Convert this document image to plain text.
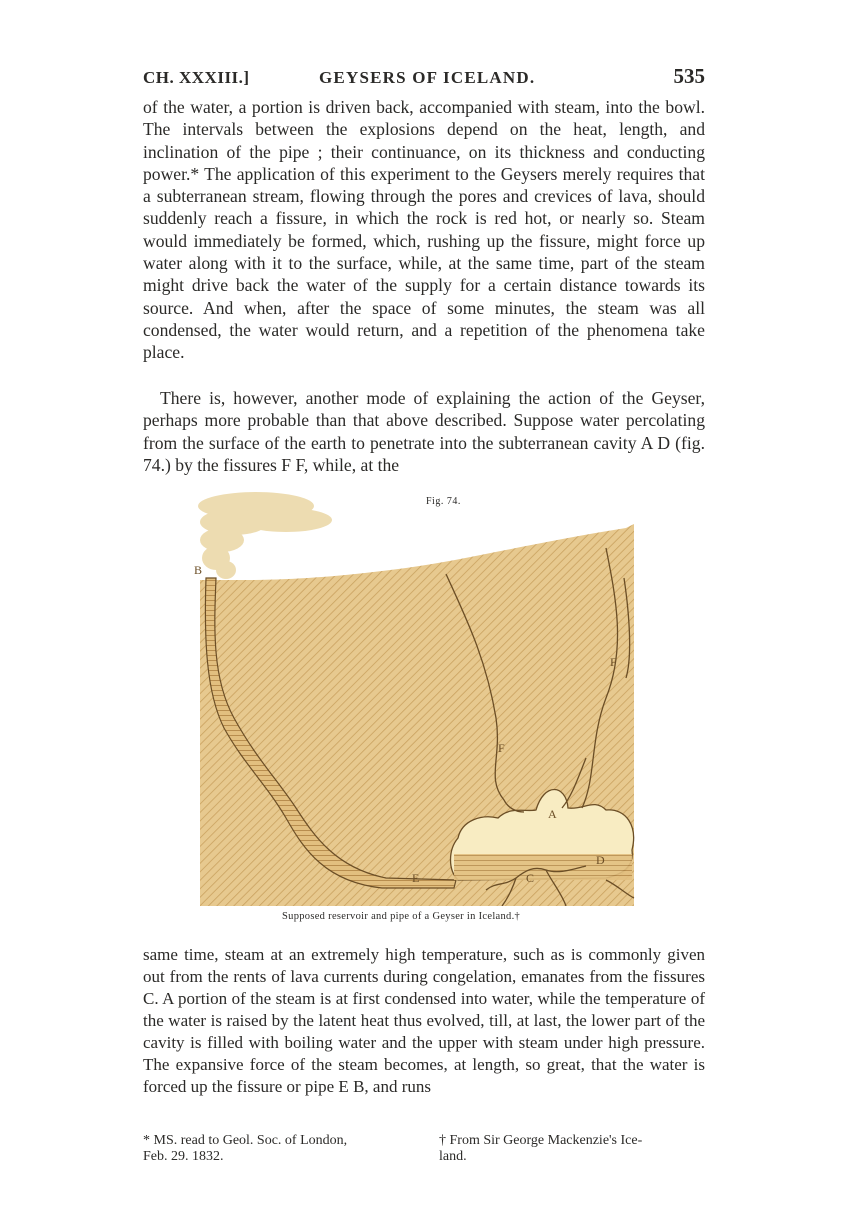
CH. XXXIII.]	GEYSERS OF ICELAND.	535

of the water, a portion is driven back, accompanied with steam, into the bowl. The intervals between the explosions depend on the heat, length, and inclination of the pipe ; their continuance, on its thickness and conducting power.* The application of this experiment to the Geysers merely requires that a subterranean stream, flowing through the pores and crevices of lava, should suddenly reach a fissure, in which the rock is red hot, or nearly so. Steam would immediately be formed, which, rushing up the fissure, might force up water along with it to the surface, while, at the same time, part of the steam might drive back the water of the supply for a certain distance towards its source. And when, after the space of some minutes, the steam was all condensed, the water would return, and a repetition of the phenomena take place.

There is, however, another mode of explaining the action of the Geyser, perhaps more probable than that above described. Suppose water percolating from the surface of the earth to penetrate into the subterranean cavity A D (fig. 74.) by the fissures F F, while, at the

B
F
F
A
D
C
E
Fig. 74.
Supposed reservoir and pipe of a Geyser in Iceland.†

same time, steam at an extremely high temperature, such as is commonly given out from the rents of lava currents during congelation, emanates from the fissures C. A portion of the steam is at first condensed into water, while the temperature of the water is raised by the latent heat thus evolved, till, at last, the lower part of the cavity is filled with boiling water and the upper with steam under high pressure. The expansive force of the steam becomes, at length, so great, that the water is forced up the fissure or pipe E B, and runs

* MS. read to Geol. Soc. of London,
Feb. 29. 1832.
† From Sir George Mackenzie's Ice-
land.
